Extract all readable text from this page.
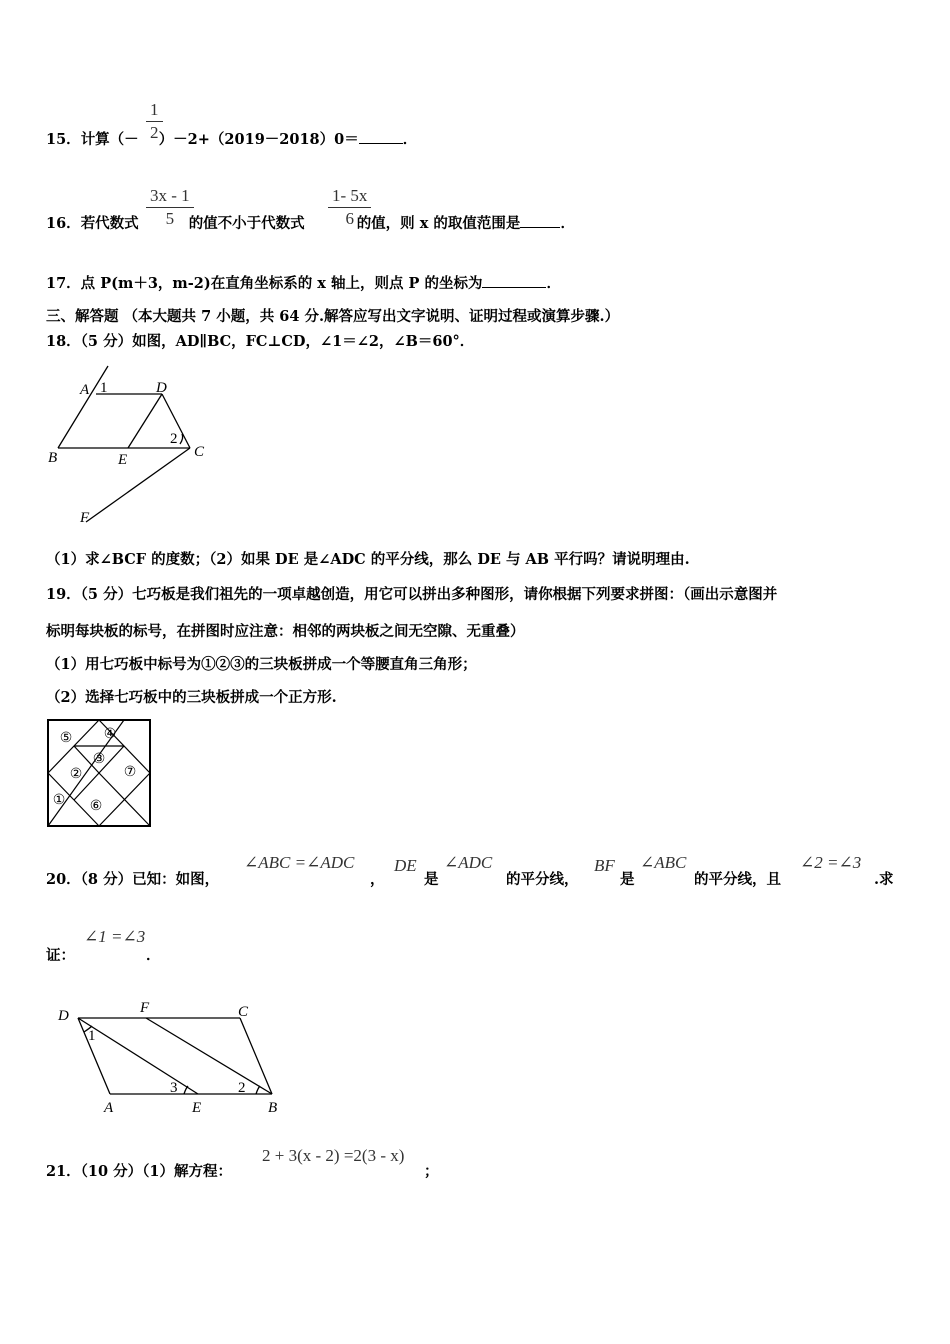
15．计算（－ ）－2+（2019－2018）0＝	．
1
2
16．若代数式	的值不小于代数式	的值，则 x 的取值范围是	．
3x - 1
5
1- 5x
6
17．点 P(m＋3，m-2)在直角坐标系的 x 轴上，则点 P 的坐标为	．
三、解答题 （本大题共 7 小题，共 64 分.解答应写出文字说明、证明过程或演算步骤.）
18．（5 分）如图，AD∥BC，FC⊥CD，∠1＝∠2，∠B＝60°．
A 1	D
2
B	E	C
F
（1）求∠BCF 的度数；（2）如果 DE 是∠ADC 的平分线，那么 DE 与 AB 平行吗？请说明理由.
19．（5 分）七巧板是我们祖先的一项卓越创造，用它可以拼出多种图形，请你根据下列要求拼图：（画出示意图并
标明每块板的标号，在拼图时应注意：相邻的两块板之间无空隙、无重叠）
（1）用七巧板中标号为①②③的三块板拼成一个等腰直角三角形；
（2）选择七巧板中的三块板拼成一个正方形.
⑤ ④
③
②	⑦
① ⑥
20．（8 分）已知：如图，
∠ABC =∠ADC
，
DE
是
∠ADC
的平分线，
BF
是
∠ABC
的平分线，且
∠2 =∠3
.求
证：
∠1 =∠3
．
D	F	C
1
3	2
A	E	B
21．（10 分）（1）解方程：
2 + 3(x - 2) =2(3 - x)
；
